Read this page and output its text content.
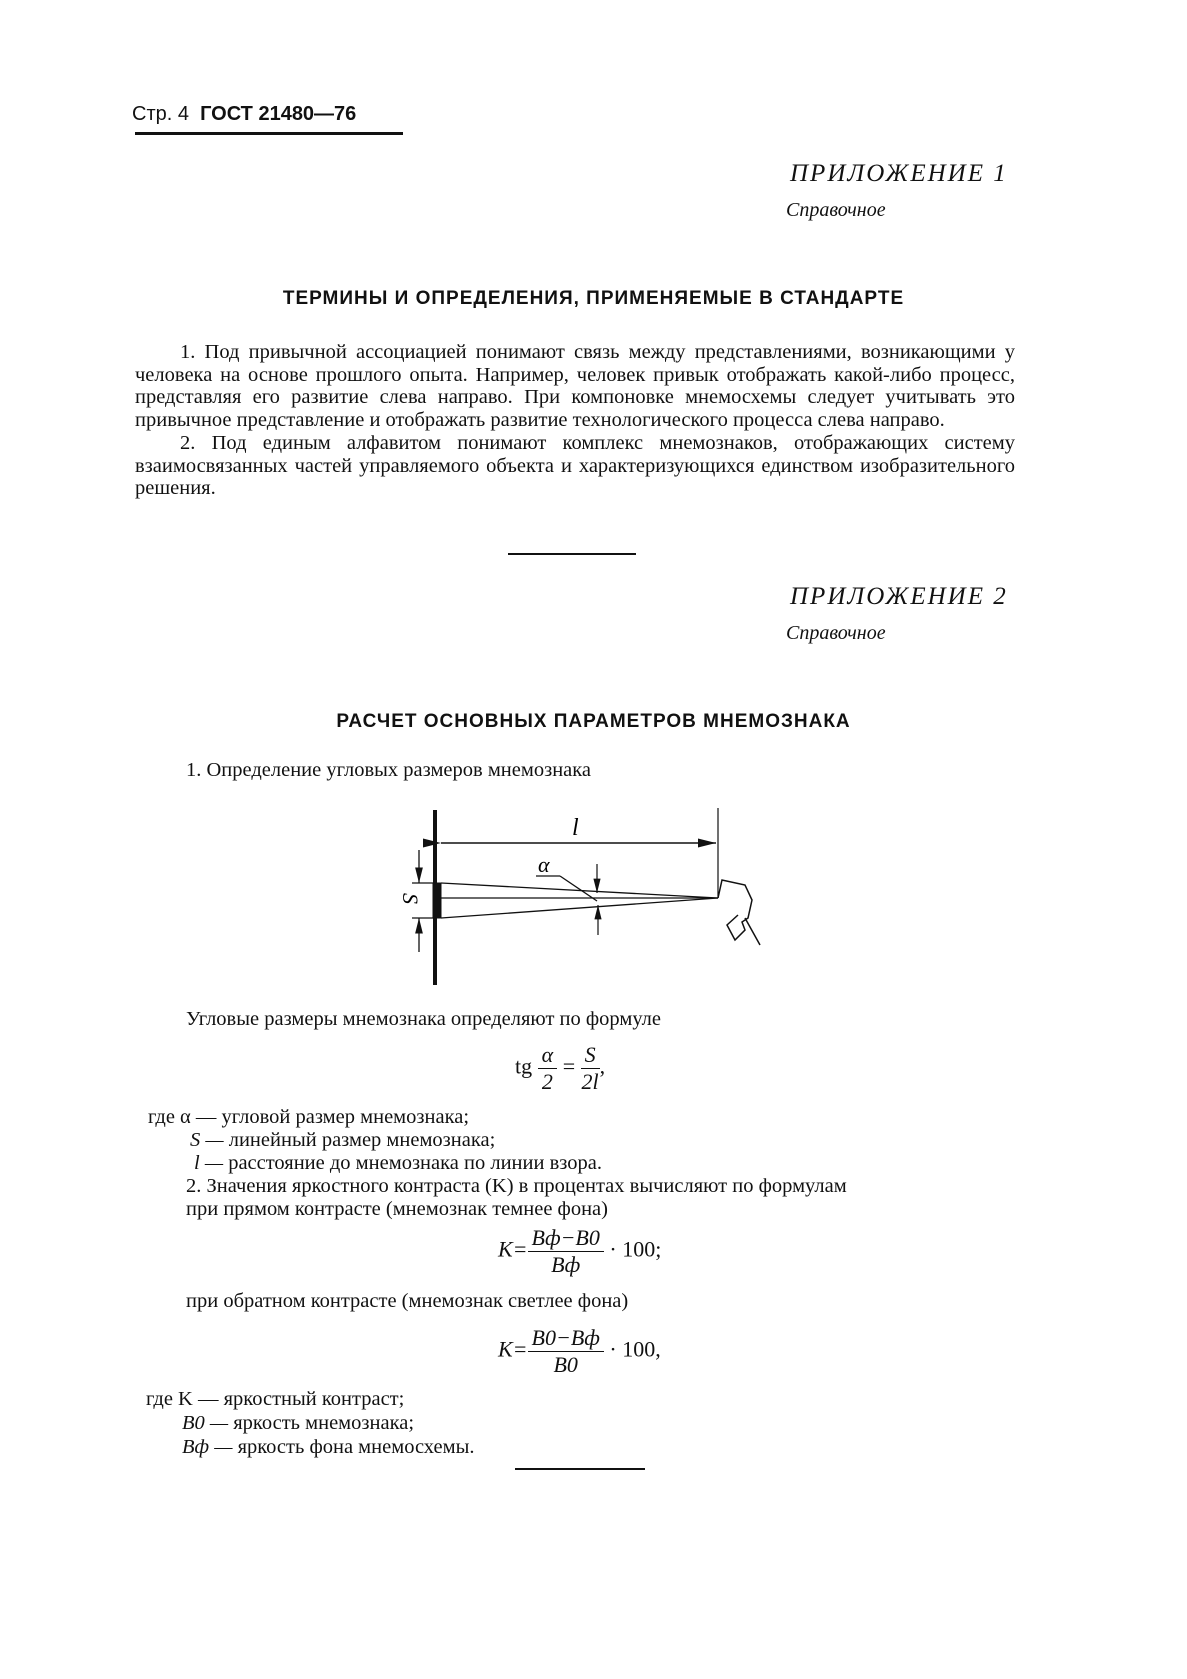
Стр. 4 ГОСТ 21480—76
ПРИЛОЖЕНИЕ 1
Справочное
ТЕРМИНЫ И ОПРЕДЕЛЕНИЯ, ПРИМЕНЯЕМЫЕ В СТАНДАРТЕ

1. Под привычной ассоциацией понимают связь между представлениями, возникающими у человека на основе прошлого опыта. Например, человек привык отображать какой-либо процесс, представляя его развитие слева направо. При компоновке мнемосхемы следует учитывать это привычное представление и отображать развитие технологического процесса слева направо.

2. Под единым алфавитом понимают комплекс мнемознаков, отображающих систему взаимосвязанных частей управляемого объекта и характеризующихся единством изобразительного решения.

ПРИЛОЖЕНИЕ 2
Справочное
РАСЧЕТ ОСНОВНЫХ ПАРАМЕТРОВ МНЕМОЗНАКА
1. Определение угловых размеров мнемознака
l
α
S
Угловые размеры мнемознака определяют по формуле
tg $\frac{\alpha}{2} = \frac{S}{2l}$ ,
где α — угловой размер мнемознака;
S — линейный размер мнемознака;
l — расстояние до мнемознака по линии взора.
2. Значения яркостного контраста (K) в процентах вычисляют по формулам
при прямом контрасте (мнемознак темнее фона)
$K= \frac{Bф-B0}{Bф} \cdot 100$;
при обратном контрасте (мнемознак светлее фона)
$K= \frac{B0-Bф}{B0} \cdot 100$,
где K — яркостный контраст;
B0 — яркость мнемознака;
Bф — яркость фона мнемосхемы.
